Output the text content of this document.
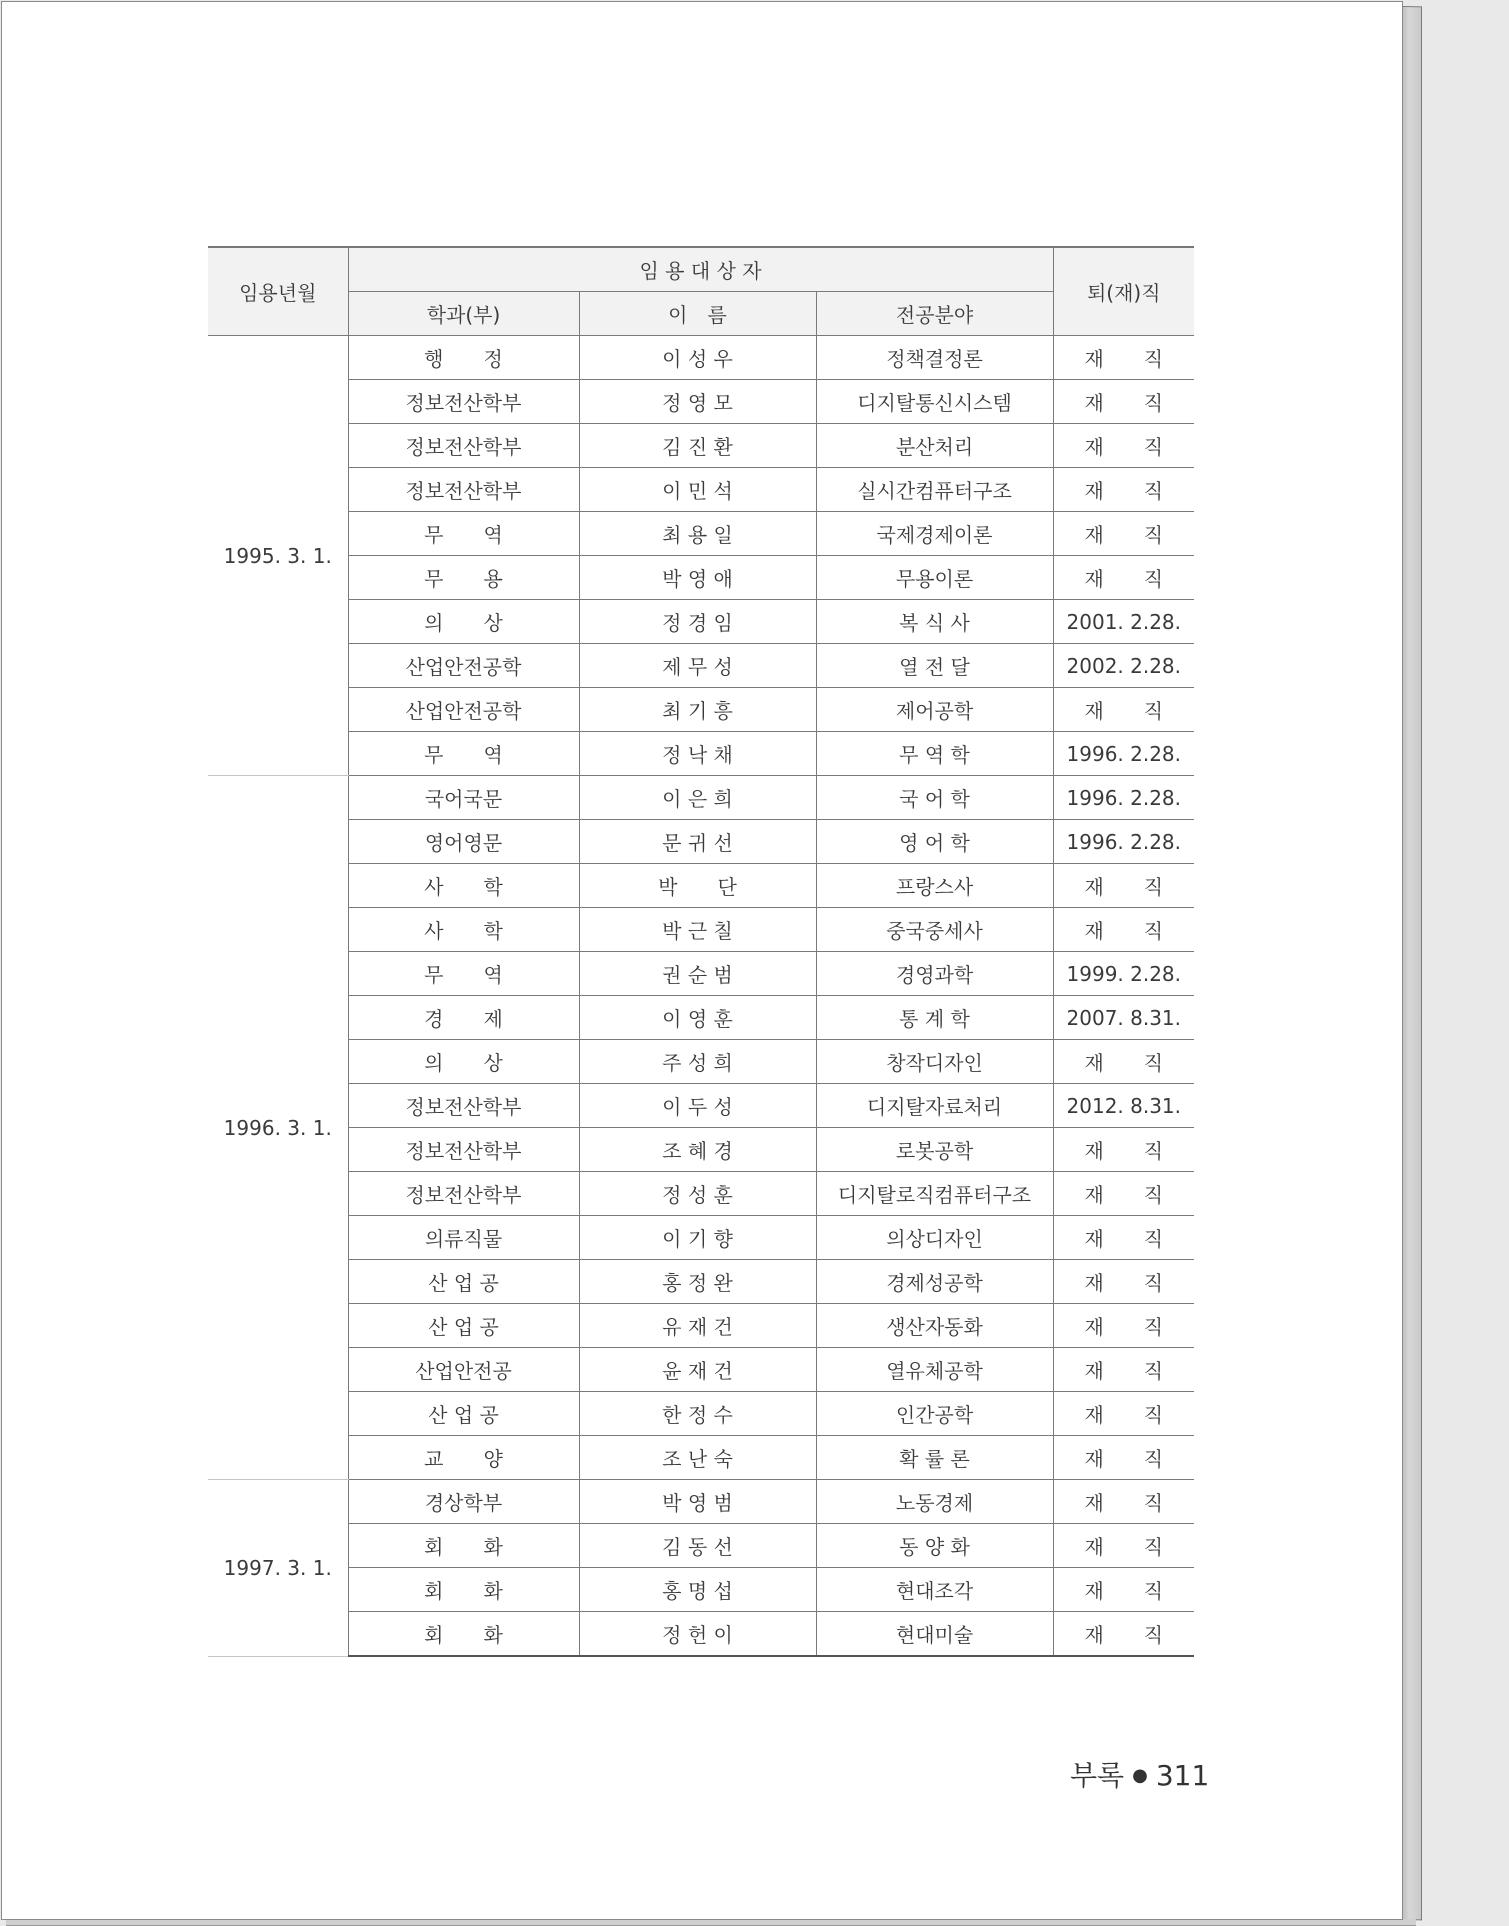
임용년월	임 용 대 상 자			퇴(재)직
	학과(부)	이　름	전공분야	
1995. 3. 1.	행　　정	이 성 우	정책결정론	재　　직
	정보전산학부	정 영 모	디지탈통신시스템	재　　직
	정보전산학부	김 진 환	분산처리	재　　직
	정보전산학부	이 민 석	실시간컴퓨터구조	재　　직
	무　　역	최 용 일	국제경제이론	재　　직
	무　　용	박 영 애	무용이론	재　　직
	의　　상	정 경 임	복 식 사	2001. 2.28.
	산업안전공학	제 무 성	열 전 달	2002. 2.28.
	산업안전공학	최 기 흥	제어공학	재　　직
	무　　역	정 낙 채	무 역 학	1996. 2.28.
1996. 3. 1.	국어국문	이 은 희	국 어 학	1996. 2.28.
	영어영문	문 귀 선	영 어 학	1996. 2.28.
	사　　학	박　　단	프랑스사	재　　직
	사　　학	박 근 칠	중국중세사	재　　직
	무　　역	권 순 범	경영과학	1999. 2.28.
	경　　제	이 영 훈	통 계 학	2007. 8.31.
	의　　상	주 성 희	창작디자인	재　　직
	정보전산학부	이 두 성	디지탈자료처리	2012. 8.31.
	정보전산학부	조 혜 경	로봇공학	재　　직
	정보전산학부	정 성 훈	디지탈로직컴퓨터구조	재　　직
	의류직물	이 기 향	의상디자인	재　　직
	산 업 공	홍 정 완	경제성공학	재　　직
	산 업 공	유 재 건	생산자동화	재　　직
	산업안전공	윤 재 건	열유체공학	재　　직
	산 업 공	한 정 수	인간공학	재　　직
	교　　양	조 난 숙	확 률 론	재　　직
1997. 3. 1.	경상학부	박 영 범	노동경제	재　　직
	회　　화	김 동 선	동 양 화	재　　직
	회　　화	홍 명 섭	현대조각	재　　직
	회　　화	정 헌 이	현대미술	재　　직
부록 ● 311
